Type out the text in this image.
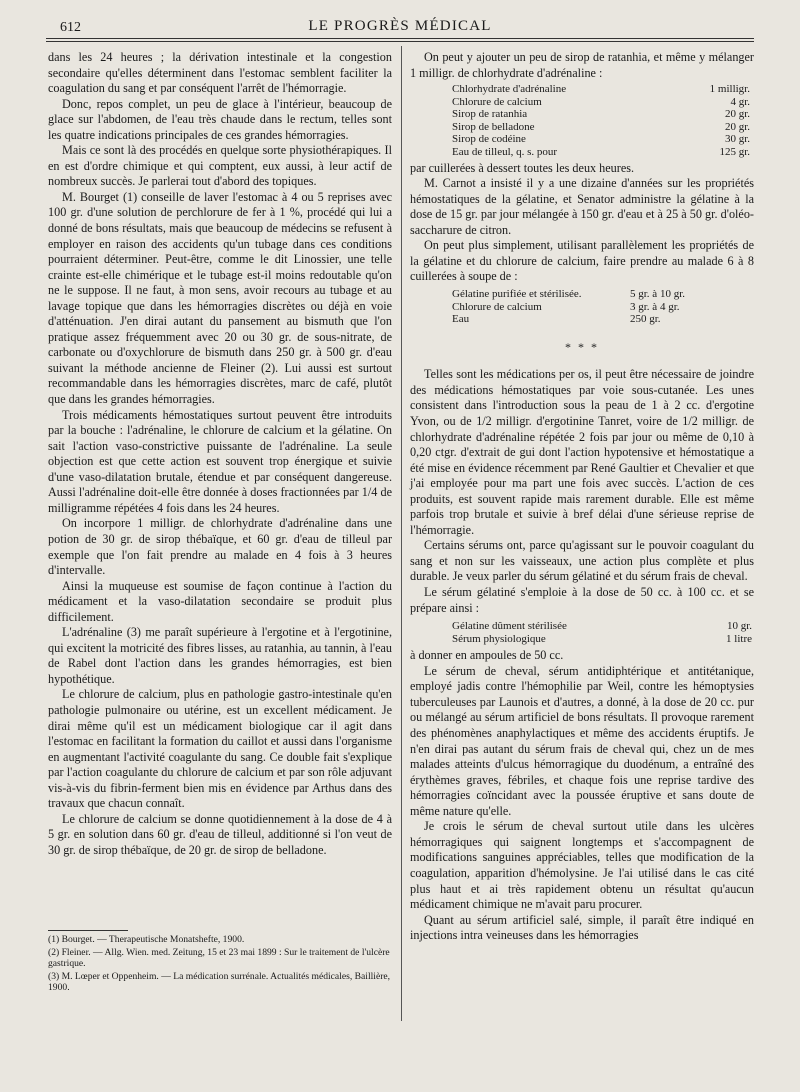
612	LE PROGRÈS MÉDICAL

dans les 24 heures ; la dérivation intestinale et la congestion secondaire qu'elles déterminent dans l'estomac semblent faciliter la coagulation du sang et par conséquent l'arrêt de l'hémorragie.

Donc, repos complet, un peu de glace à l'intérieur, beaucoup de glace sur l'abdomen, de l'eau très chaude dans le rectum, telles sont les quatre indications principales de ces grandes hémorragies.

Mais ce sont là des procédés en quelque sorte physiothérapiques. Il en est d'ordre chimique et qui comptent, eux aussi, à leur actif de nombreux succès. Je parlerai tout d'abord des topiques.

M. Bourget (1) conseille de laver l'estomac à 4 ou 5 reprises avec 100 gr. d'une solution de perchlorure de fer à 1 %, procédé qui lui a donné de bons résultats, mais que beaucoup de médecins se refusent à employer en raison des accidents qu'un tubage dans ces conditions pourraient déterminer. Peut-être, comme le dit Linossier, une telle crainte est-elle chimérique et le tubage est-il moins redoutable qu'on ne le suppose. Il ne faut, à mon sens, avoir recours au tubage et au lavage topique que dans les hémorragies discrètes ou déjà en voie d'atténuation. J'en dirai autant du pansement au bismuth que l'on pratique assez fréquemment avec 20 ou 30 gr. de sous-nitrate, de carbonate ou d'oxychlorure de bismuth dans 250 gr. à 500 gr. d'eau suivant la méthode ancienne de Fleiner (2). Lui aussi est surtout recommandable dans les hémorragies discrètes, marc de café, plutôt que dans les grandes hémorragies.

Trois médicaments hémostatiques surtout peuvent être introduits par la bouche : l'adrénaline, le chlorure de calcium et la gélatine. On sait l'action vaso-constrictive puissante de l'adrénaline. La seule objection est que cette action est souvent trop énergique et suivie d'une vaso-dilatation brutale, étendue et par conséquent dangereuse. Aussi l'adrénaline doit-elle être donnée à doses fractionnées par 1/4 de milligramme répétées 4 fois dans les 24 heures.

On incorpore 1 milligr. de chlorhydrate d'adrénaline dans une potion de 30 gr. de sirop thébaïque, et 60 gr. d'eau de tilleul par exemple que l'on fait prendre au malade en 4 fois à 3 heures d'intervalle.

Ainsi la muqueuse est soumise de façon continue à l'action du médicament et la vaso-dilatation secondaire se produit plus difficilement.

L'adrénaline (3) me paraît supérieure à l'ergotine et à l'ergotinine, qui excitent la motricité des fibres lisses, au ratanhia, au tannin, à l'eau de Rabel dont l'action dans les grandes hémorragies, est bien hypothétique.

Le chlorure de calcium, plus en pathologie gastro-intestinale qu'en pathologie pulmonaire ou utérine, est un excellent médicament. Je dirai même qu'il est un médicament biologique car il agit dans l'estomac en facilitant la formation du caillot et aussi dans l'organisme en augmentant l'activité coagulante du sang. Ce double fait s'explique par l'action coagulante du chlorure de calcium et par son rôle adjuvant vis-à-vis du fibrin-ferment bien mis en évidence par Arthus dans des travaux que chacun connaît.

Le chlorure de calcium se donne quotidiennement à la dose de 4 à 5 gr. en solution dans 60 gr. d'eau de tilleul, additionné si l'on veut de 30 gr. de sirop thébaïque, de 20 gr. de sirop de belladone.

(1) Bourget. — Therapeutische Monatshefte, 1900.

(2) Fleiner. — Allg. Wien. med. Zeitung, 15 et 23 mai 1899 : Sur le traitement de l'ulcère gastrique.

(3) M. Lœper et Oppenheim. — La médication surrénale. Actualités médicales, Baillière, 1900.

On peut y ajouter un peu de sirop de ratanhia, et même y mélanger 1 milligr. de chlorhydrate d'adrénaline :

Chlorhydrate d'adrénaline	1 milligr.
Chlorure de calcium	4 gr.
Sirop de ratanhia	20 gr.
Sirop de belladone	20 gr.
Sirop de codéine	30 gr.
Eau de tilleul, q. s. pour	125 gr.

par cuillerées à dessert toutes les deux heures.

M. Carnot a insisté il y a une dizaine d'années sur les propriétés hémostatiques de la gélatine, et Senator administre la gélatine à la dose de 15 gr. par jour mélangée à 150 gr. d'eau et à 25 à 50 gr. d'oléo-saccharure de citron.

On peut plus simplement, utilisant parallèlement les propriétés de la gélatine et du chlorure de calcium, faire prendre au malade 6 à 8 cuillerées à soupe de :

Gélatine purifiée et stérilisée.	5 gr. à 10 gr.
Chlorure de calcium	3 gr. à 4 gr.
Eau	250 gr.
* * *

Telles sont les médications per os, il peut être nécessaire de joindre des médications hémostatiques par voie sous-cutanée. Les unes consistent dans l'introduction sous la peau de 1 à 2 cc. d'ergotine Yvon, ou de 1/2 milligr. d'ergotinine Tanret, voire de 1/2 milligr. de chlorhydrate d'adrénaline répétée 2 fois par jour ou même de 0,10 à 0,20 ctgr. d'extrait de gui dont l'action hypotensive et hémostatique a été mise en évidence récemment par René Gaultier et Chevalier et que j'ai employée pour ma part une fois avec succès. L'action de ces produits, est souvent rapide mais rarement durable. Elle est même parfois trop brutale et suivie à bref délai d'une sérieuse reprise de l'hémorragie.

Certains sérums ont, parce qu'agissant sur le pouvoir coagulant du sang et non sur les vaisseaux, une action plus complète et plus durable. Je veux parler du sérum gélatiné et du sérum frais de cheval.

Le sérum gélatiné s'emploie à la dose de 50 cc. à 100 cc. et se prépare ainsi :

Gélatine dûment stérilisée	10 gr.
Sérum physiologique	1 litre

à donner en ampoules de 50 cc.

Le sérum de cheval, sérum antidiphtérique et antitétanique, employé jadis contre l'hémophilie par Weil, contre les hémoptysies tuberculeuses par Launois et d'autres, a donné, à la dose de 20 cc. pur ou mélangé au sérum artificiel de bons résultats. Il provoque rarement des phénomènes anaphylactiques et même des accidents éruptifs. Je n'en dirai pas autant du sérum frais de cheval qui, chez un de mes malades atteints d'ulcus hémorragique du duodénum, a entraîné des érythèmes graves, fébriles, et chaque fois une reprise tardive des hémorragies coïncidant avec la poussée éruptive et sans doute de même nature qu'elle.

Je crois le sérum de cheval surtout utile dans les ulcères hémorragiques qui saignent longtemps et s'accompagnent de modifications sanguines appréciables, telles que modification de la coagulation, apparition d'hémolysine. Je l'ai utilisé dans le cas cité plus haut et ai très rapidement obtenu un résultat qu'aucun médicament chimique ne m'avait paru procurer.

Quant au sérum artificiel salé, simple, il paraît être indiqué en injections intra veineuses dans les hémorragies
